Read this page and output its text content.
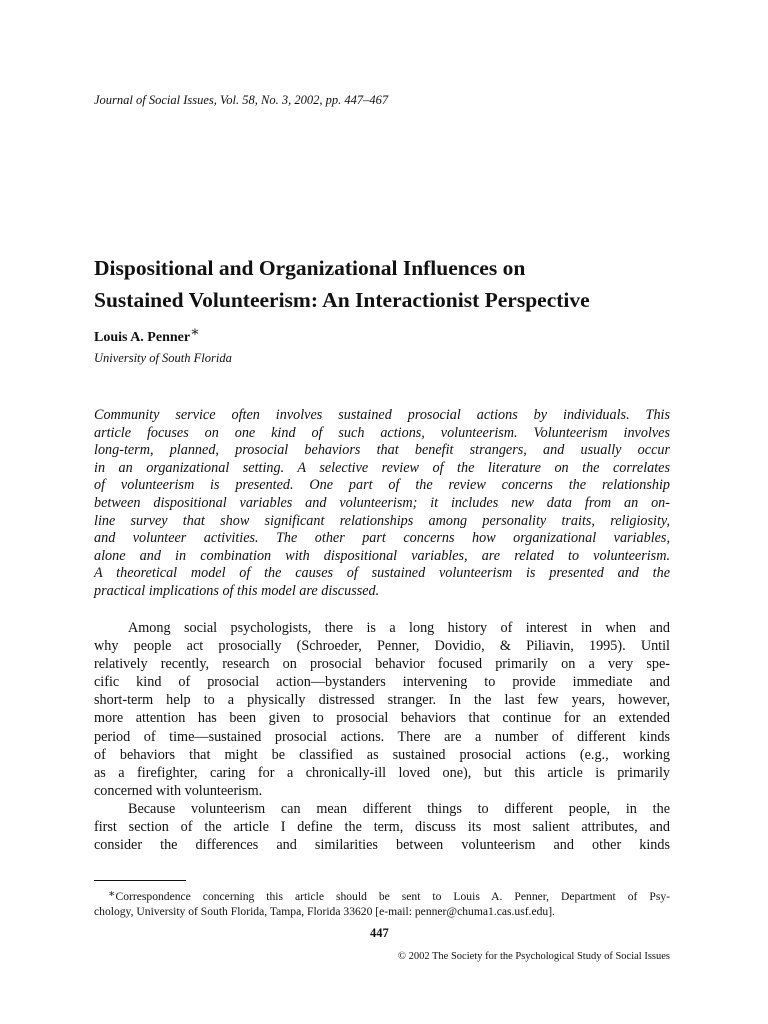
Journal of Social Issues, Vol. 58, No. 3, 2002, pp. 447–467
Dispositional and Organizational Influences on
Sustained Volunteerism: An Interactionist Perspective
Louis A. Penner∗
University of South Florida

Community service often involves sustained prosocial actions by individuals. This
article focuses on one kind of such actions, volunteerism. Volunteerism involves
long-term, planned, prosocial behaviors that benefit strangers, and usually occur
in an organizational setting. A selective review of the literature on the correlates
of volunteerism is presented. One part of the review concerns the relationship
between dispositional variables and volunteerism; it includes new data from an on-
line survey that show significant relationships among personality traits, religiosity,
and volunteer activities. The other part concerns how organizational variables,
alone and in combination with dispositional variables, are related to volunteerism.
A theoretical model of the causes of sustained volunteerism is presented and the
practical implications of this model are discussed.

Among social psychologists, there is a long history of interest in when and
why people act prosocially (Schroeder, Penner, Dovidio, & Piliavin, 1995). Until
relatively recently, research on prosocial behavior focused primarily on a very spe-
cific kind of prosocial action—bystanders intervening to provide immediate and
short-term help to a physically distressed stranger. In the last few years, however,
more attention has been given to prosocial behaviors that continue for an extended
period of time—sustained prosocial actions. There are a number of different kinds
of behaviors that might be classified as sustained prosocial actions (e.g., working
as a firefighter, caring for a chronically-ill loved one), but this article is primarily
concerned with volunteerism.
Because volunteerism can mean different things to different people, in the
first section of the article I define the term, discuss its most salient attributes, and
consider the differences and similarities between volunteerism and other kinds

∗Correspondence concerning this article should be sent to Louis A. Penner, Department of Psy-
chology, University of South Florida, Tampa, Florida 33620 [e-mail: penner@chuma1.cas.usf.edu].

447
© 2002 The Society for the Psychological Study of Social Issues
